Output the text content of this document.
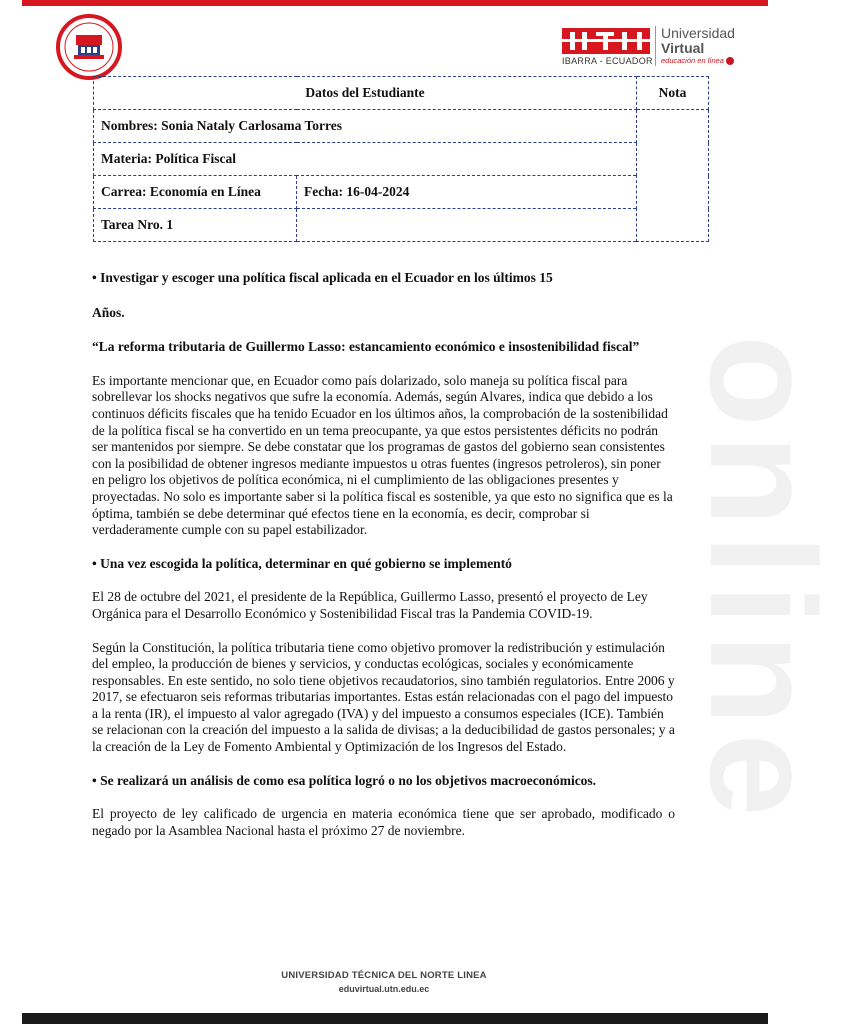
online
IBARRA - ECUADOR
Universidad
Virtual
educación en línea
Datos del Estudiante		Nota
Nombres: Sonia Nataly Carlosama Torres		
Materia: Política Fiscal		
Carrea: Economía en Línea	Fecha: 16-04-2024	
Tarea Nro. 1		

• Investigar y escoger una política fiscal aplicada en el Ecuador en los últimos 15

Años.

“La reforma tributaria de Guillermo Lasso: estancamiento económico e insostenibilidad fiscal”

Es importante mencionar que, en Ecuador como país dolarizado, solo maneja su política fiscal para sobrellevar los shocks negativos que sufre la economía. Además, según Alvares, indica que debido a los continuos déficits fiscales que ha tenido Ecuador en los últimos años, la comprobación de la sostenibilidad de la política fiscal se ha convertido en un tema preocupante, ya que estos persistentes déficits no podrán ser mantenidos por siempre. Se debe constatar que los programas de gastos del gobierno sean consistentes con la posibilidad de obtener ingresos mediante impuestos u otras fuentes (ingresos petroleros), sin poner en peligro los objetivos de política económica, ni el cumplimiento de las obligaciones presentes y proyectadas. No solo es importante saber si la política fiscal es sostenible, ya que esto no significa que es la óptima, también se debe determinar qué efectos tiene en la economía, es decir, comprobar si verdaderamente cumple con su papel estabilizador.

• Una vez escogida la política, determinar en qué gobierno se implementó

El 28 de octubre del 2021, el presidente de la República, Guillermo Lasso, presentó el proyecto de Ley Orgánica para el Desarrollo Económico y Sostenibilidad Fiscal tras la Pandemia COVID-19.

Según la Constitución, la política tributaria tiene como objetivo promover la redistribución y estimulación del empleo, la producción de bienes y servicios, y conductas ecológicas, sociales y económicamente responsables. En este sentido, no solo tiene objetivos recaudatorios, sino también regulatorios. Entre 2006 y 2017, se efectuaron seis reformas tributarias importantes. Estas están relacionadas con el pago del impuesto a la renta (IR), el impuesto al valor agregado (IVA) y del impuesto a consumos especiales (ICE). También se relacionan con la creación del impuesto a la salida de divisas; a la deducibilidad de gastos personales; y a la creación de la Ley de Fomento Ambiental y Optimización de los Ingresos del Estado.

• Se realizará un análisis de como esa política logró o no los objetivos macroeconómicos.

El proyecto de ley calificado de urgencia en materia económica tiene que ser aprobado, modificado o negado por la Asamblea Nacional hasta el próximo 27 de noviembre.

UNIVERSIDAD TÉCNICA DEL NORTE LINEA
eduvirtual.utn.edu.ec
